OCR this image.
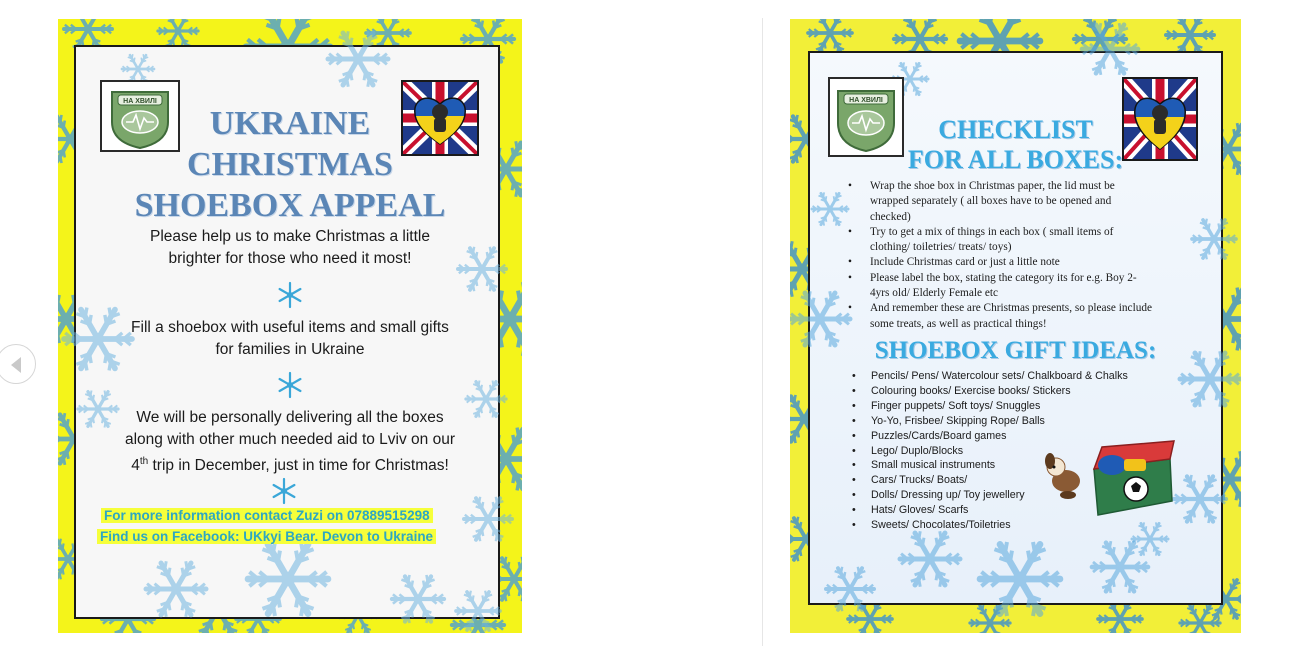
НА ХВИЛІ
UKRAINE
CHRISTMAS
SHOEBOX APPEAL
Please help us to make Christmas a little
brighter for those who need it most!
Fill a shoebox with useful items and small gifts
for families in Ukraine
We will be personally delivering all the boxes
along with other much needed aid to Lviv on our
4th trip in December, just in time for Christmas!
For more information contact Zuzi on 07889515298
Find us on Facebook: UKkyi Bear. Devon to Ukraine
НА ХВИЛІ
CHECKLIST
FOR ALL BOXES:
• Wrap the shoe box in Christmas paper, the lid must be wrapped separately ( all boxes have to be opened and checked)
• Try to get a mix of things in each box ( small items of clothing/ toiletries/ treats/ toys)
• Include Christmas card or just a little note
• Please label the box, stating the category its for e.g. Boy 2-4yrs old/ Elderly Female etc
• And remember these are Christmas presents, so please include some treats, as well as practical things!
SHOEBOX GIFT IDEAS:
• Pencils/ Pens/ Watercolour sets/ Chalkboard & Chalks
• Colouring books/ Exercise books/ Stickers
• Finger puppets/ Soft toys/ Snuggles
• Yo-Yo, Frisbee/ Skipping Rope/ Balls
• Puzzles/Cards/Board games
• Lego/ Duplo/Blocks
• Small musical instruments
• Cars/ Trucks/ Boats/
• Dolls/ Dressing up/ Toy jewellery
• Hats/ Gloves/ Scarfs
• Sweets/ Chocolates/Toiletries
